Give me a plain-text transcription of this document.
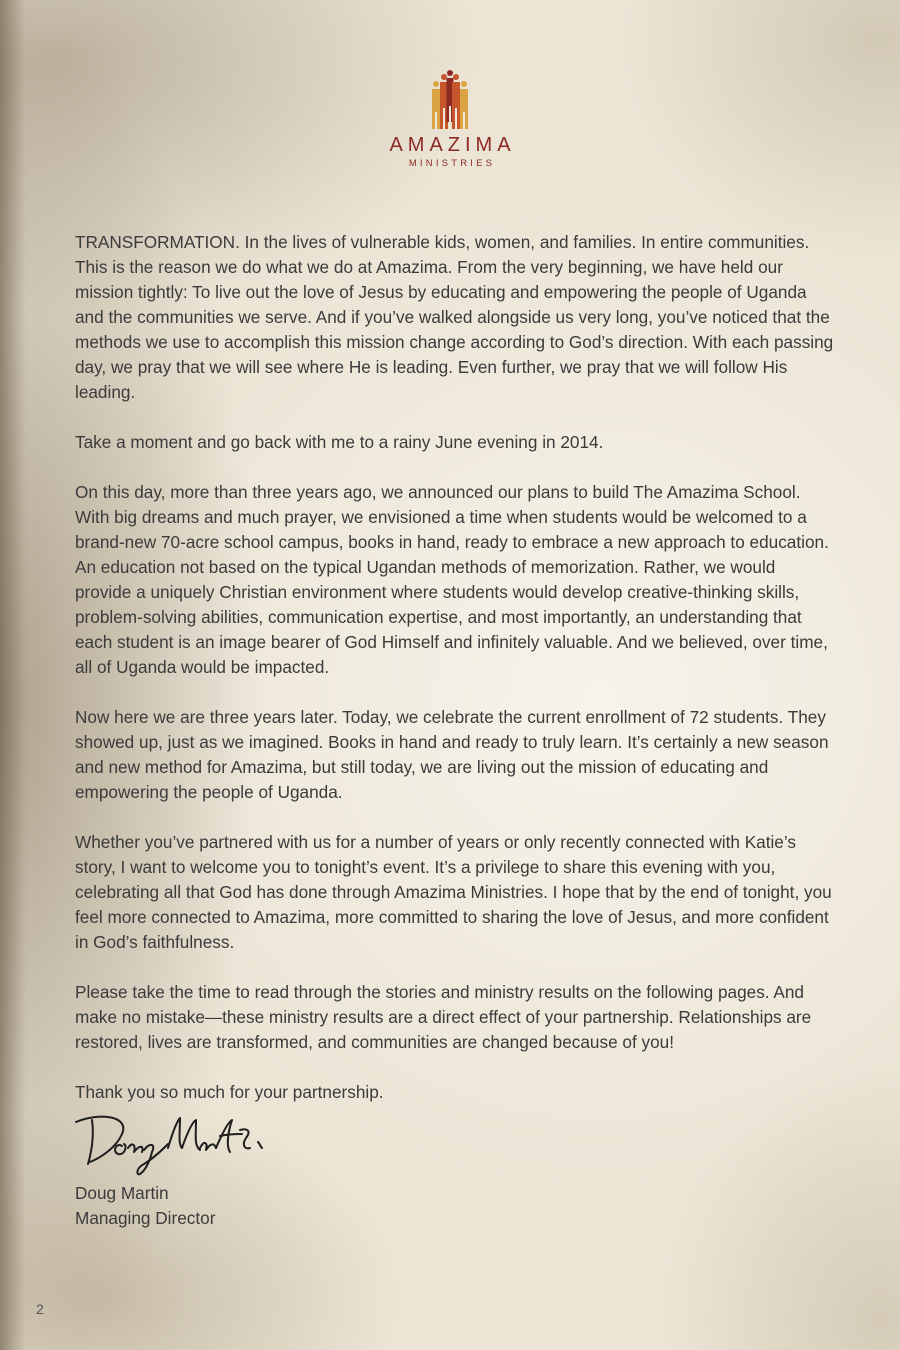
AMAZIMA
MINISTRIES

TRANSFORMATION. In the lives of vulnerable kids, women, and families. In entire communities. This is the reason we do what we do at Amazima. From the very beginning, we have held our mission tightly: To live out the love of Jesus by educating and empowering the people of Uganda and the communities we serve. And if you’ve walked alongside us very long, you’ve noticed that the methods we use to accomplish this mission change according to God’s direction. With each passing day, we pray that we will see where He is leading. Even further, we pray that we will follow His leading.

Take a moment and go back with me to a rainy June evening in 2014.

On this day, more than three years ago, we announced our plans to build The Amazima School. With big dreams and much prayer, we envisioned a time when students would be welcomed to a brand-new 70-acre school campus, books in hand, ready to embrace a new approach to education. An education not based on the typical Ugandan methods of memorization. Rather, we would provide a uniquely Christian environment where students would develop creative-thinking skills, problem-solving abilities, communication expertise, and most importantly, an understanding that each student is an image bearer of God Himself and infinitely valuable. And we believed, over time, all of Uganda would be impacted.

Now here we are three years later. Today, we celebrate the current enrollment of 72 students. They showed up, just as we imagined. Books in hand and ready to truly learn. It’s certainly a new season and new method for Amazima, but still today, we are living out the mission of educating and empowering the people of Uganda.

Whether you’ve partnered with us for a number of years or only recently connected with Katie’s story, I want to welcome you to tonight’s event. It’s a privilege to share this evening with you, celebrating all that God has done through Amazima Ministries. I hope that by the end of tonight, you feel more connected to Amazima, more committed to sharing the love of Jesus, and more confident in God’s faithfulness.

Please take the time to read through the stories and ministry results on the following pages. And make no mistake—these ministry results are a direct effect of your partnership. Relationships are restored, lives are transformed, and communities are changed because of you!

Thank you so much for your partnership.

Doug Martin
Managing Director
2
